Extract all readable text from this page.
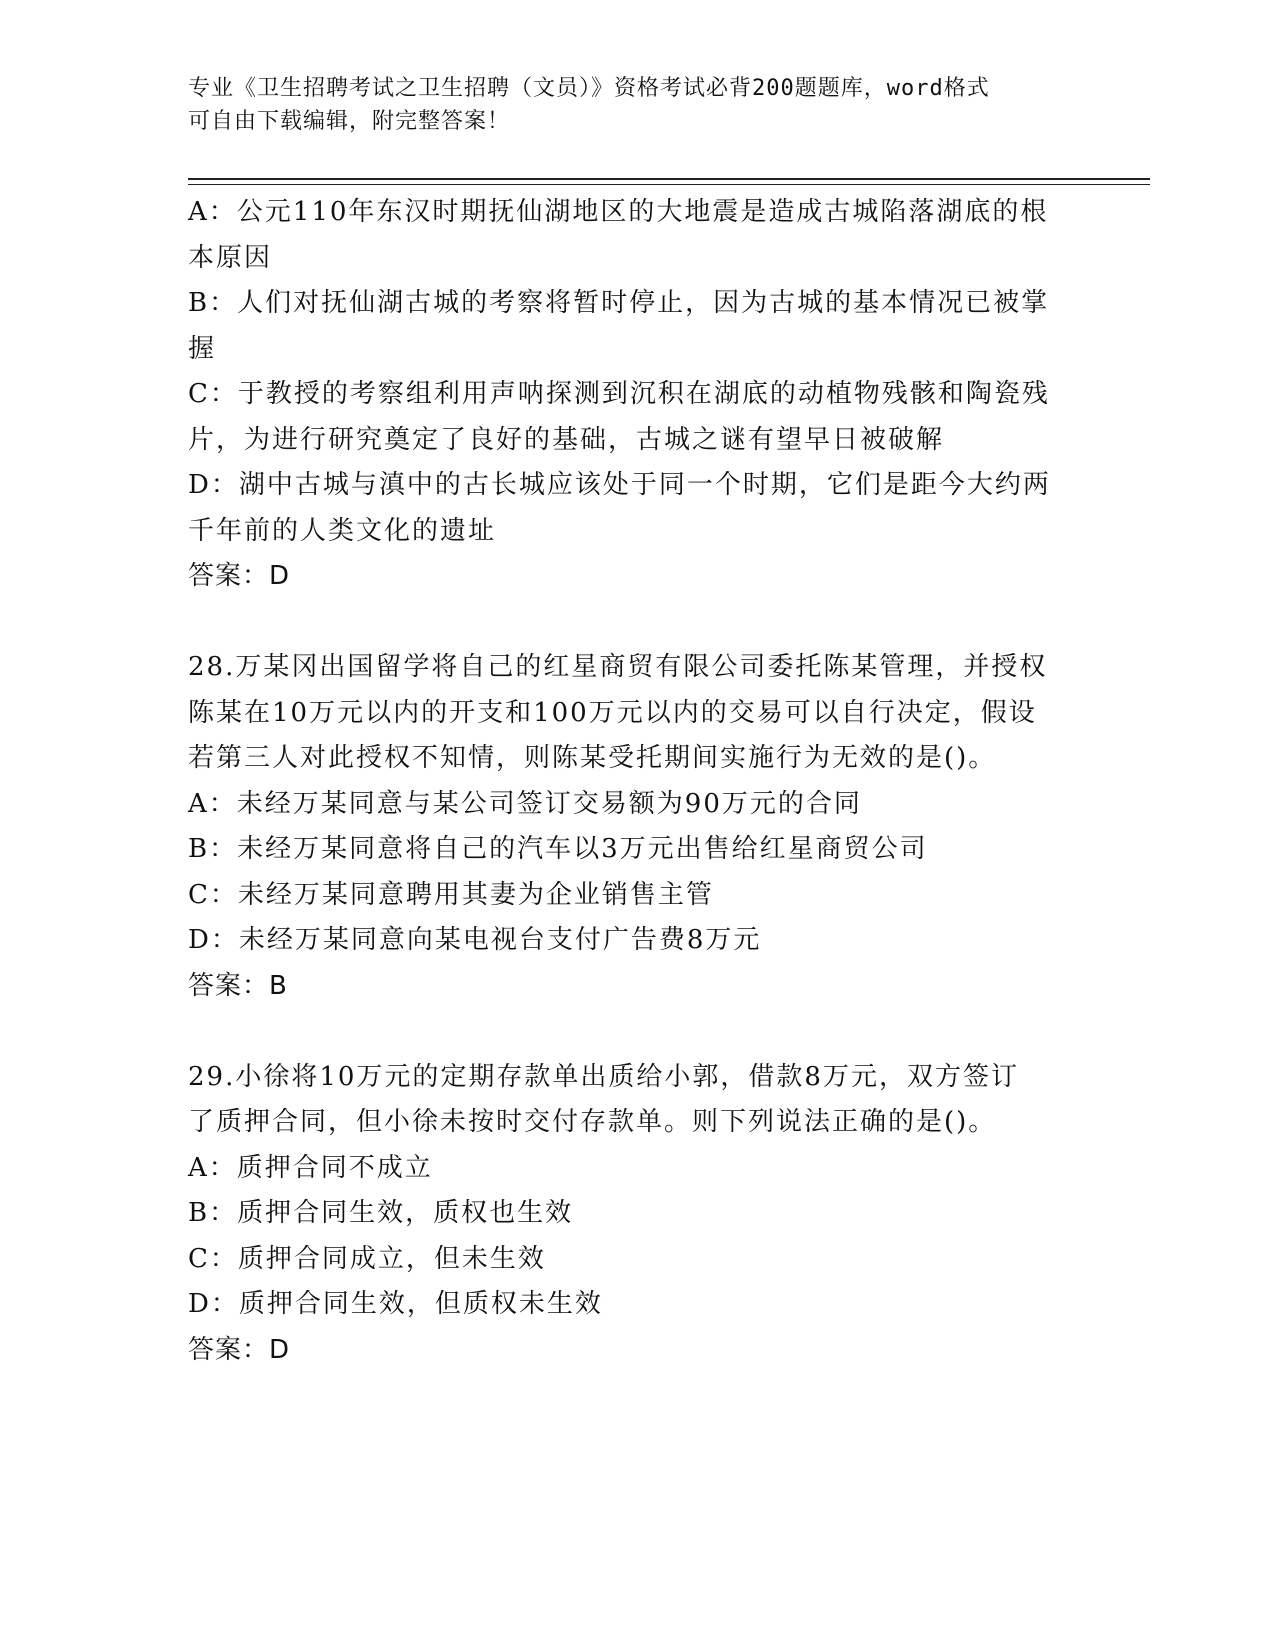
专业《卫生招聘考试之卫生招聘（文员）》资格考试必背200题题库，word格式
可自由下载编辑，附完整答案！
A：公元110年东汉时期抚仙湖地区的大地震是造成古城陷落湖底的根
本原因
B：人们对抚仙湖古城的考察将暂时停止，因为古城的基本情况已被掌
握
C：于教授的考察组利用声呐探测到沉积在湖底的动植物残骸和陶瓷残
片，为进行研究奠定了良好的基础，古城之谜有望早日被破解
D：湖中古城与滇中的古长城应该处于同一个时期，它们是距今大约两
千年前的人类文化的遗址
答案：D
28.万某冈出国留学将自己的红星商贸有限公司委托陈某管理，并授权
陈某在10万元以内的开支和100万元以内的交易可以自行决定，假设
若第三人对此授权不知情，则陈某受托期间实施行为无效的是()。
A：未经万某同意与某公司签订交易额为90万元的合同
B：未经万某同意将自己的汽车以3万元出售给红星商贸公司
C：未经万某同意聘用其妻为企业销售主管
D：未经万某同意向某电视台支付广告费8万元
答案：B
29.小徐将10万元的定期存款单出质给小郭，借款8万元，双方签订
了质押合同，但小徐未按时交付存款单。则下列说法正确的是()。
A：质押合同不成立
B：质押合同生效，质权也生效
C：质押合同成立，但未生效
D：质押合同生效，但质权未生效
答案：D
